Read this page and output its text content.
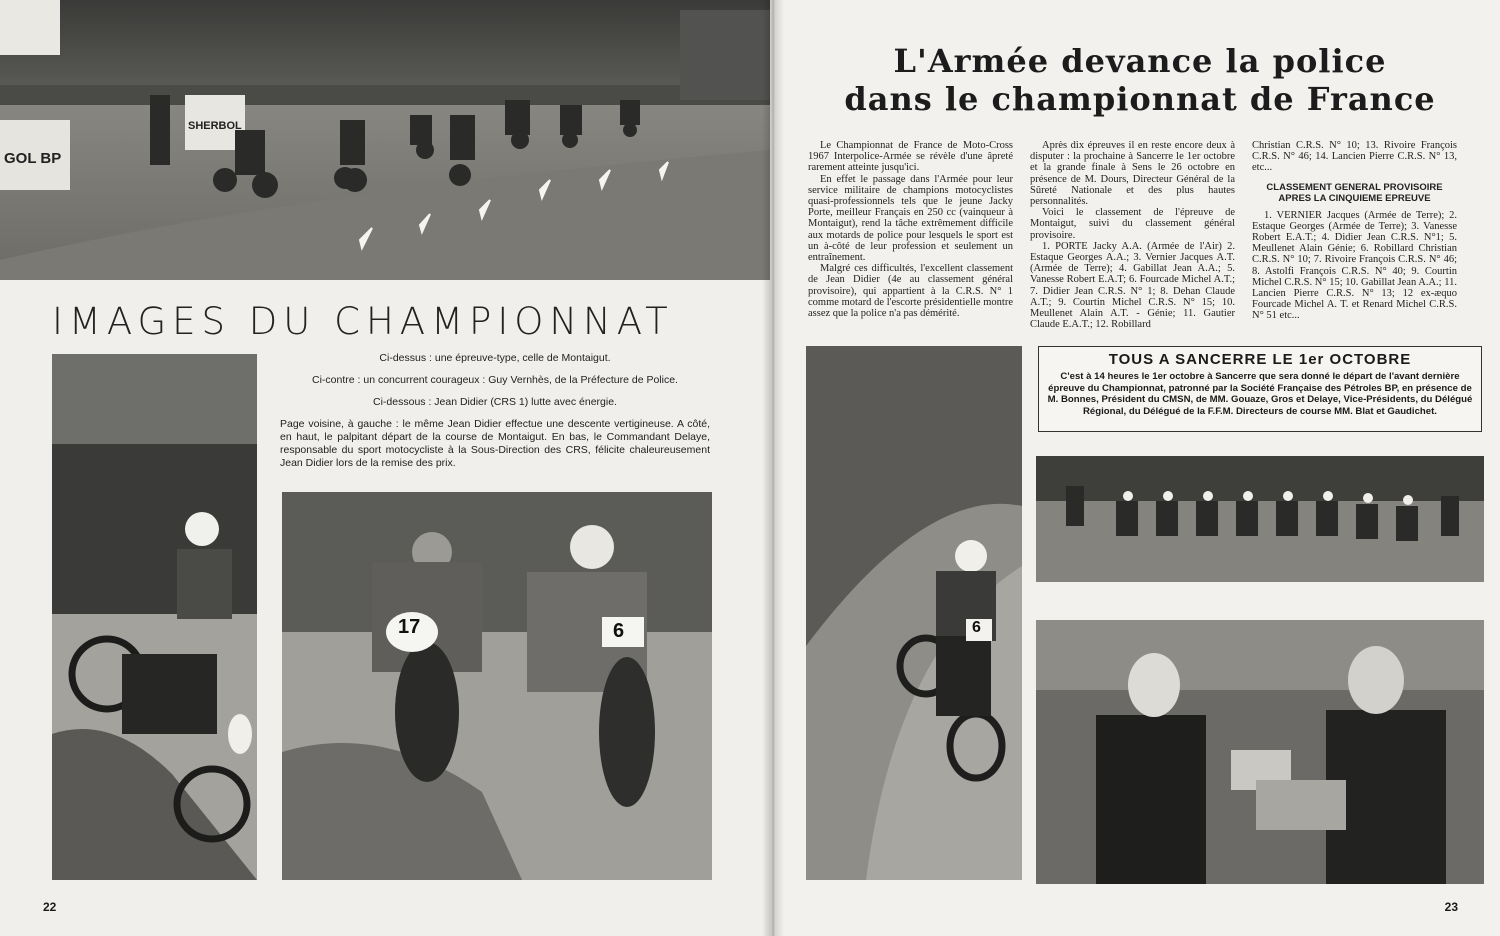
GOL BP
SHERBOL
IMAGES DU CHAMPIONNAT

Ci-dessus : une épreuve-type, celle de Montaigut.

Ci-contre : un concurrent courageux : Guy Vernhès, de la Préfecture de Police.

Ci-dessous : Jean Didier (CRS 1) lutte avec énergie.

Page voisine, à gauche : le même Jean Didier effectue une descente vertigineuse. A côté, en haut, le palpitant départ de la course de Montaigut. En bas, le Commandant Delaye, responsable du sport motocycliste à la Sous-Direction des CRS, félicite chaleureusement Jean Didier lors de la remise des prix.

17	6
22
L'Armée devance la police
dans le championnat de France

Le Championnat de France de Moto-Cross 1967 Interpolice-Armée se révèle d'une âpreté rarement atteinte jusqu'ici.

En effet le passage dans l'Armée pour leur service militaire de champions motocyclistes quasi-professionnels tels que le jeune Jacky Porte, meilleur Français en 250 cc (vainqueur à Montaigut), rend la tâche extrêmement difficile aux motards de police pour lesquels le sport est un à-côté de leur profession et seulement un entraînement.

Malgré ces difficultés, l'excellent classement de Jean Didier (4e au classement général provisoire), qui appartient à la C.R.S. N° 1 comme motard de l'escorte présidentielle montre assez que la police n'a pas démérité.

Après dix épreuves il en reste encore deux à disputer : la prochaine à Sancerre le 1er octobre et la grande finale à Sens le 26 octobre en présence de M. Dours, Directeur Général de la Sûreté Nationale et des plus hautes personnalités.

Voici le classement de l'épreuve de Montaigut, suivi du classement général provisoire.

1. PORTE Jacky A.A. (Armée de l'Air) 2. Estaque Georges A.A.; 3. Vernier Jacques A.T. (Armée de Terre); 4. Gabillat Jean A.A.; 5. Vanesse Robert E.A.T; 6. Fourcade Michel A.T.; 7. Didier Jean C.R.S. N° 1; 8. Dehan Claude A.T.; 9. Courtin Michel C.R.S. N° 15; 10. Meullenet Alain A.T. - Génie; 11. Gautier Claude E.A.T.; 12. Robillard

Christian C.R.S. N° 10; 13. Rivoire François C.R.S. N° 46; 14. Lancien Pierre C.R.S. N° 13, etc...

CLASSEMENT GENERAL PROVISOIRE APRES LA CINQUIEME EPREUVE

1. VERNIER Jacques (Armée de Terre); 2. Estaque Georges (Armée de Terre); 3. Vanesse Robert E.A.T.; 4. Didier Jean C.R.S. N°1; 5. Meullenet Alain Génie; 6. Robillard Christian C.R.S. N° 10; 7. Rivoire François C.R.S. N° 46; 8. Astolfi François C.R.S. N° 40; 9. Courtin Michel C.R.S. N° 15; 10. Gabillat Jean A.A.; 11. Lancien Pierre C.R.S. N° 13; 12 ex-æquo Fourcade Michel A. T. et Renard Michel C.R.S. N° 51 etc...

6
TOUS A SANCERRE LE 1er OCTOBRE
C'est à 14 heures le 1er octobre à Sancerre que sera donné le départ de l'avant dernière épreuve du Championnat, patronné par la Société Française des Pétroles BP, en présence de M. Bonnes, Président du CMSN, de MM. Gouaze, Gros et Delaye, Vice-Présidents, du Délégué Régional, du Délégué de la F.F.M. Directeurs de course MM. Blat et Gaudichet.
23
